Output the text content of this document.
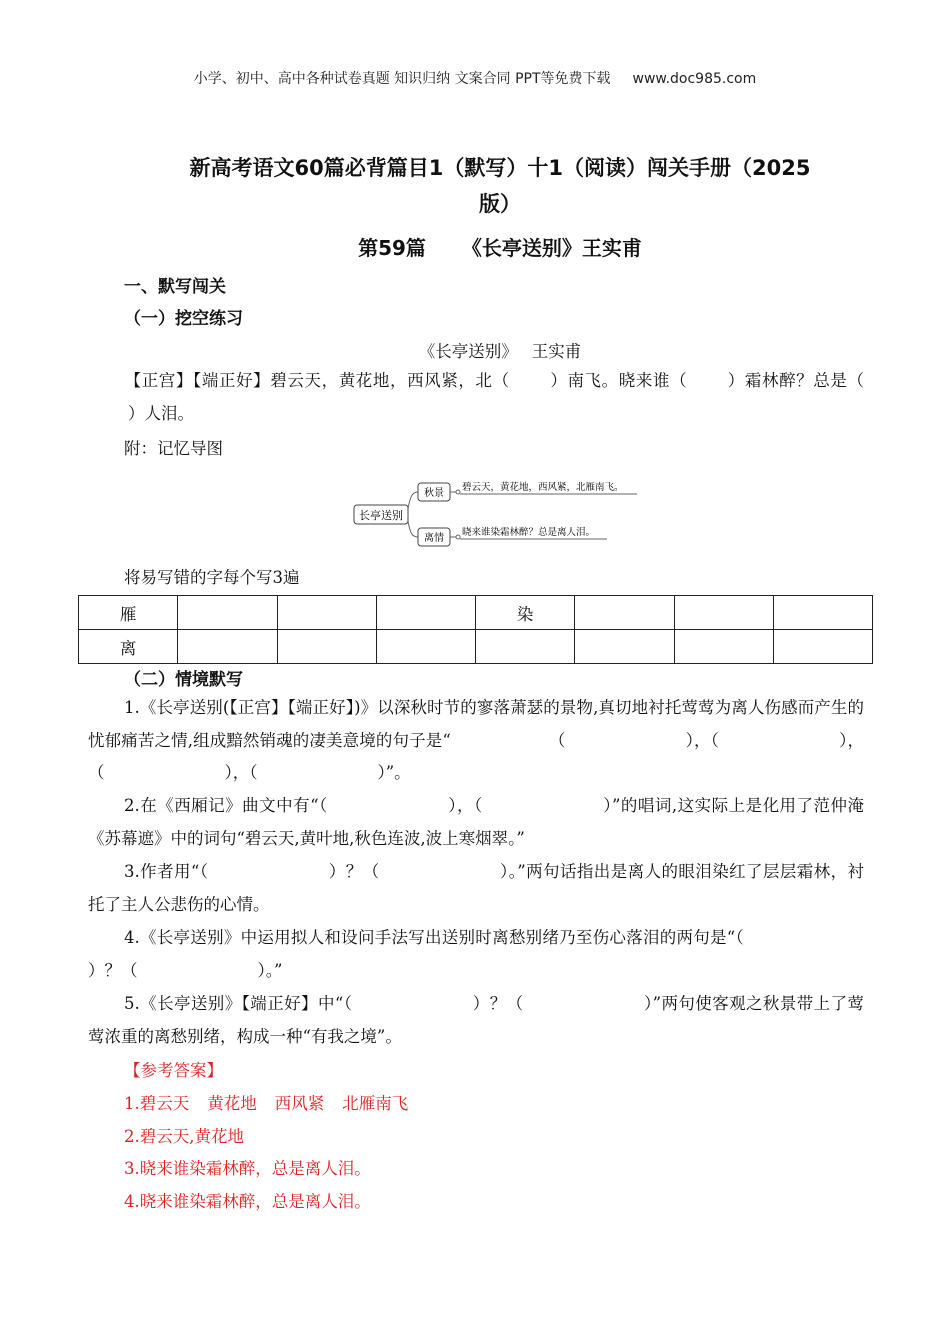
小学、初中、高中各种试卷真题 知识归纳 文案合同 PPT等免费下载 www.doc985.com
新高考语文60篇必背篇目1（默写）十1（阅读）闯关手册（2025
版）
第59篇 《长亭送别》王实甫
一、默写闯关
（一）挖空练习
《长亭送别》 王实甫
【正宫】【端正好】碧云天，黄花地，西风紧，北（ ）南飞。晓来谁（ ）霜林醉？总是（）人泪。
附：记忆导图
长亭送别
秋景
离情
碧云天，黄花地，西风紧，北雁南飞。
晓来谁染霜林醉？总是离人泪。
将易写错的字每个写3遍
雁				染			
离							
（二）情境默写
1.《长亭送别(【正宫】【端正好】)》以深秋时节的寥落萧瑟的景物,真切地衬托莺莺为离人伤感而产生的忧郁痛苦之情,组成黯然销魂的凄美意境的句子是“	（	），（	），（	），（	）”。
2.在《西厢记》曲文中有“（	），（	）”的唱词,这实际上是化用了范仲淹《苏幕遮》中的词句“碧云天,黄叶地,秋色连波,波上寒烟翠。”
3.作者用“（	）？（	）。”两句话指出是离人的眼泪染红了层层霜林，衬托了主人公悲伤的心情。
4.《长亭送别》中运用拟人和设问手法写出送别时离愁别绪乃至伤心落泪的两句是“（）？（	）。”
5.《长亭送别》【端正好】中“（	）？（	）”两句使客观之秋景带上了莺莺浓重的离愁别绪，构成一种“有我之境”。
【参考答案】
1.碧云天 黄花地 西风紧 北雁南飞
2.碧云天,黄花地
3.晓来谁染霜林醉，总是离人泪。
4.晓来谁染霜林醉，总是离人泪。
